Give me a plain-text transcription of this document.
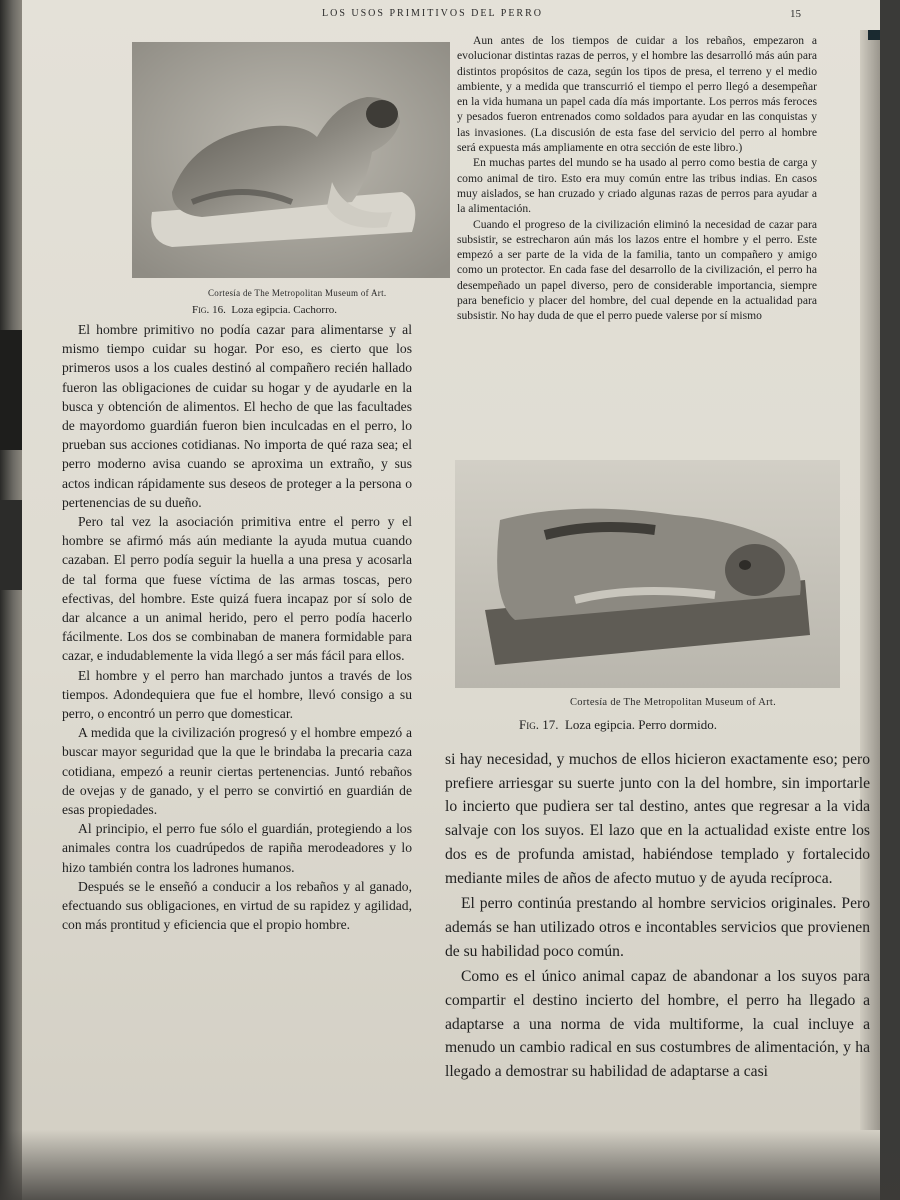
LOS USOS PRIMITIVOS DEL PERRO	15
Cortesía de The Metropolitan Museum of Art.
Fig. 16. Loza egipcia. Cachorro.

Aun antes de los tiempos de cuidar a los rebaños, empezaron a evolucionar distintas razas de perros, y el hombre las desarrolló más aún para distintos propósitos de caza, según los tipos de presa, el terreno y el medio ambiente, y a medida que transcurrió el tiempo el perro llegó a desempeñar en la vida humana un papel cada día más importante. Los perros más feroces y pesados fueron entrenados como soldados para ayudar en las conquistas y las invasiones. (La discusión de esta fase del servicio del perro al hombre será expuesta más ampliamente en otra sección de este libro.)

En muchas partes del mundo se ha usado al perro como bestia de carga y como animal de tiro. Esto era muy común entre las tribus indias. En casos muy aislados, se han cruzado y criado algunas razas de perros para ayudar a la alimentación.

Cuando el progreso de la civilización eliminó la necesidad de cazar para subsistir, se estrecharon aún más los lazos entre el hombre y el perro. Este empezó a ser parte de la vida de la familia, tanto un compañero y amigo como un protector. En cada fase del desarrollo de la civilización, el perro ha desempeñado un papel diverso, pero de considerable importancia, siempre para beneficio y placer del hombre, del cual depende en la actualidad para subsistir. No hay duda de que el perro puede valerse por sí mismo

El hombre primitivo no podía cazar para alimentarse y al mismo tiempo cuidar su hogar. Por eso, es cierto que los primeros usos a los cuales destinó al compañero recién hallado fueron las obligaciones de cuidar su hogar y de ayudarle en la busca y obtención de alimentos. El hecho de que las facultades de mayordomo guardián fueron bien inculcadas en el perro, lo prueban sus acciones cotidianas. No importa de qué raza sea; el perro moderno avisa cuando se aproxima un extraño, y sus actos indican rápidamente sus deseos de proteger a la persona o pertenencias de su dueño.

Pero tal vez la asociación primitiva entre el perro y el hombre se afirmó más aún mediante la ayuda mutua cuando cazaban. El perro podía seguir la huella a una presa y acosarla de tal forma que fuese víctima de las armas toscas, pero efectivas, del hombre. Este quizá fuera incapaz por sí solo de dar alcance a un animal herido, pero el perro podía hacerlo fácilmente. Los dos se combinaban de manera formidable para cazar, e indudablemente la vida llegó a ser más fácil para ellos.

El hombre y el perro han marchado juntos a través de los tiempos. Adondequiera que fue el hombre, llevó consigo a su perro, o encontró un perro que domesticar.

A medida que la civilización progresó y el hombre empezó a buscar mayor seguridad que la que le brindaba la precaria caza cotidiana, empezó a reunir ciertas pertenencias. Juntó rebaños de ovejas y de ganado, y el perro se convirtió en guardián de esas propiedades.

Al principio, el perro fue sólo el guardián, protegiendo a los animales contra los cuadrúpedos de rapiña merodeadores y lo hizo también contra los ladrones humanos.

Después se le enseñó a conducir a los rebaños y al ganado, efectuando sus obligaciones, en virtud de su rapidez y agilidad, con más prontitud y eficiencia que el propio hombre.

Cortesía de The Metropolitan Museum of Art.
Fig. 17. Loza egipcia. Perro dormido.

si hay necesidad, y muchos de ellos hicieron exactamente eso; pero prefiere arriesgar su suerte junto con la del hombre, sin importarle lo incierto que pudiera ser tal destino, antes que regresar a la vida salvaje con los suyos. El lazo que en la actualidad existe entre los dos es de profunda amistad, habiéndose templado y fortalecido mediante miles de años de afecto mutuo y de ayuda recíproca.

El perro continúa prestando al hombre servicios originales. Pero además se han utilizado otros e incontables servicios que provienen de su habilidad poco común.

Como es el único animal capaz de abandonar a los suyos para compartir el destino incierto del hombre, el perro ha llegado a adaptarse a una norma de vida multiforme, la cual incluye a menudo un cambio radical en sus costumbres de alimentación, y ha llegado a demostrar su habilidad de adaptarse a casi
